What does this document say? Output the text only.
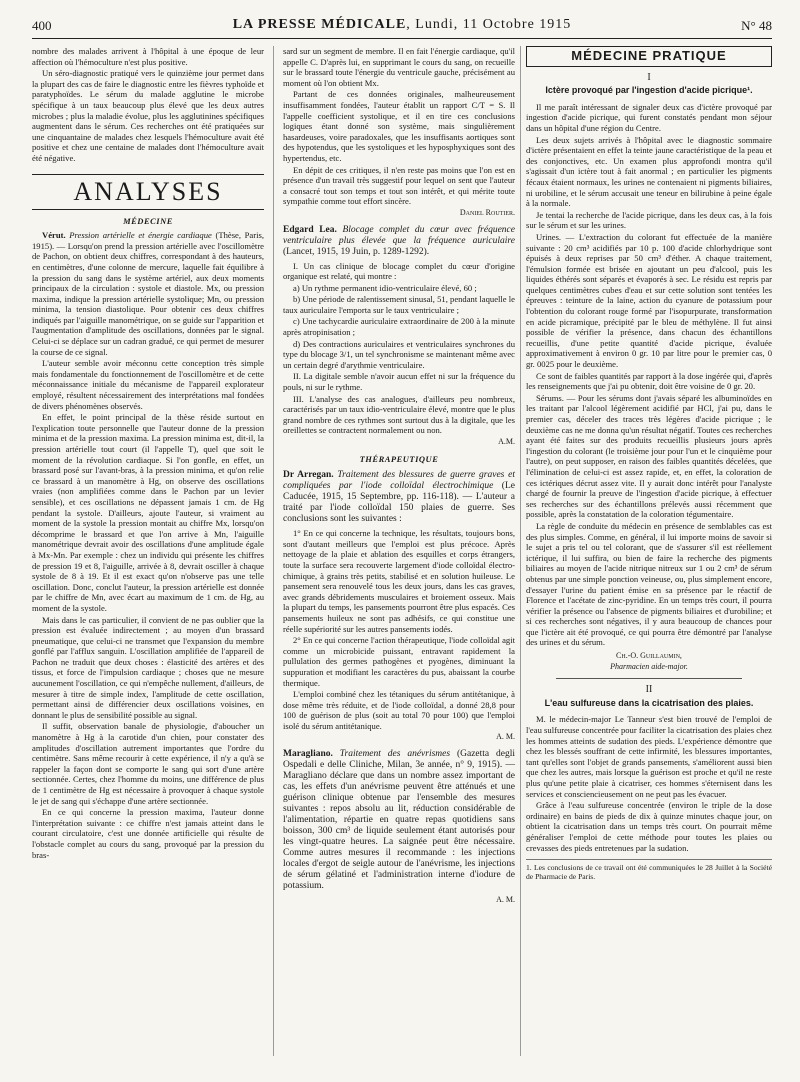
400	LA PRESSE MÉDICALE, Lundi, 11 Octobre 1915	N° 48

nombre des malades arrivent à l'hôpital à une époque de leur affection où l'hémoculture n'est plus positive.

Un séro-diagnostic pratiqué vers le quinzième jour permet dans la plupart des cas de faire le diagnostic entre les fièvres typhoïde et paratyphoïdes. Le sérum du malade agglutine le microbe spécifique à un taux beaucoup plus élevé que les deux autres microbes ; plus la maladie évolue, plus les agglutinines spécifiques augmentent dans le sérum. Ces recherches ont été pratiquées sur une cinquantaine de malades chez lesquels l'hémoculture avait été positive et chez une centaine de malades dont l'hémoculture avait été négative.

ANALYSES
MÉDECINE

Vérut. Pression artérielle et énergie cardiaque (Thèse, Paris, 1915). — Lorsqu'on prend la pression artérielle avec l'oscillomètre de Pachon, on obtient deux chiffres, correspondant à des hauteurs, en centimètres, d'une colonne de mercure, laquelle fait équilibre à la pression du sang dans le système artériel, aux deux moments principaux de la circulation : systole et diastole. Mx, ou pression maxima, indique la pression artérielle systolique; Mn, ou pression minima, la tension diastolique. Pour obtenir ces deux chiffres indiqués par l'aiguille manométrique, on se guide sur l'apparition et l'augmentation d'amplitude des oscillations, données par le signal. Celui-ci se déplace sur un cadran gradué, ce qui permet de mesurer la course de ce signal.

L'auteur semble avoir méconnu cette conception très simple mais fondamentale du fonctionnement de l'oscillomètre et de cette méconnaissance initiale du mécanisme de l'appareil explorateur employé, résultent nécessairement des interprétations mal fondées de divers phénomènes observés.

En effet, le point principal de la thèse réside surtout en l'explication toute personnelle que l'auteur donne de la pression minima et de la pression maxima. La pression minima est, dit-il, la pression artérielle tout court (il l'appelle T), quel que soit le moment de la révolution cardiaque. Si l'on gonfle, en effet, un brassard posé sur l'avant-bras, à la pression minima, et qu'on relie ce brassard à un manomètre à Hg, on observe des oscillations vraies (non amplifiées comme dans le Pachon par un levier sensible), et ces oscillations ne dépassent jamais 1 cm. de Hg pendant la systole. D'ailleurs, ajoute l'auteur, si vraiment au moment de la systole la pression montait au chiffre Mx, lorsqu'on décomprime le brassard et que l'on arrive à Mn, l'aiguille manométrique devrait avoir des oscillations d'une amplitude égale à Mx-Mn. Par exemple : chez un individu qui présente les chiffres de pression 19 et 8, l'aiguille, arrivée à 8, devrait osciller à chaque systole de 8 à 19. Et il est exact qu'on n'observe pas une telle oscillation. Donc, conclut l'auteur, la pression artérielle est donnée par le chiffre de Mn, avec écart au maximum de 1 cm. de Hg, au moment de la systole.

Mais dans le cas particulier, il convient de ne pas oublier que la pression est évaluée indirectement ; au moyen d'un brassard pneumatique, que celui-ci ne transmet que l'expansion du membre gonflé par l'afflux sanguin. L'oscillation amplifiée de l'appareil de Pachon ne traduit que deux choses : élasticité des artères et des tissus, et force de l'impulsion cardiaque ; choses que ne mesure aucunement l'oscillation, ce qui n'empêche nullement, d'ailleurs, de mesurer à titre de simple index, l'amplitude de cette oscillation, permettant ainsi de différencier deux oscillations voisines, en donnant le plus de sensibilité possible au signal.

Il suffit, observation banale de physiologie, d'aboucher un manomètre à Hg à la carotide d'un chien, pour constater des amplitudes d'oscillation autrement importantes que l'ordre du centimètre. Sans même recourir à cette expérience, il n'y a qu'à se rappeler la façon dont se comporte le sang qui sort d'une artère sectionnée. Certes, chez l'homme du moins, une différence de plus de 1 centimètre de Hg est nécessaire à provoquer à chaque systole le jet de sang qui s'échappe d'une artère sectionnée.

En ce qui concerne la pression maxima, l'auteur donne l'interprétation suivante : ce chiffre n'est jamais atteint dans le courant circulatoire, c'est une donnée artificielle qui résulte de l'obstacle complet au cours du sang, provoqué par la pression du bras-

sard sur un segment de membre. Il en fait l'énergie cardiaque, qu'il appelle C. D'après lui, en supprimant le cours du sang, on recueille sur le brassard toute l'énergie du ventricule gauche, précisément au moment où l'on obtient Mx.

Partant de ces données originales, malheureusement insuffisamment fondées, l'auteur établit un rapport C/T = S. Il l'appelle coefficient systolique, et il en tire ces conclusions logiques étant donné son système, mais singulièrement hasardeuses, voire paradoxales, que les insuffisants aortiques sont des hypotendus, que les systoliques et les hyposphyxiques sont des hypertendus, etc.

En dépit de ces critiques, il n'en reste pas moins que l'on est en présence d'un travail très suggestif pour lequel on sent que l'auteur a consacré tout son temps et tout son intérêt, et qui mérite toute sympathie comme tout effort sincère.

Daniel Routier.

Edgard Lea. Blocage complet du cœur avec fréquence ventriculaire plus élevée que la fréquence auriculaire (Lancet, 1915, 19 Juin, p. 1289-1292).

I. Un cas clinique de blocage complet du cœur d'origine organique est relaté, qui montre :

a) Un rythme permanent idio-ventriculaire élevé, 60 ;

b) Une période de ralentissement sinusal, 51, pendant laquelle le taux auriculaire l'emporta sur le taux ventriculaire ;

c) Une tachycardie auriculaire extraordinaire de 200 à la minute après atropinisation ;

d) Des contractions auriculaires et ventriculaires synchrones du type du blocage 3/1, un tel synchronisme se maintenant même avec un certain degré d'arythmie ventriculaire.

II. La digitale semble n'avoir aucun effet ni sur la fréquence du pouls, ni sur le rythme.

III. L'analyse des cas analogues, d'ailleurs peu nombreux, caractérisés par un taux idio-ventriculaire élevé, montre que le plus grand nombre de ces rythmes sont surtout dus à la digitale, que les oreillettes se contractent normalement ou non.

A.M.
THÉRAPEUTIQUE

Dr Arregan. Traitement des blessures de guerre graves et compliquées par l'iode colloïdal électrochimique (Le Caducée, 1915, 15 Septembre, pp. 116-118). — L'auteur a traité par l'iode colloïdal 150 plaies de guerre. Ses conclusions sont les suivantes :

1° En ce qui concerne la technique, les résultats, toujours bons, sont d'autant meilleurs que l'emploi est plus précoce. Après nettoyage de la plaie et ablation des esquilles et corps étrangers, toute la surface sera recouverte largement d'iode colloïdal électro-chimique, à grains très petits, stabilisé et en solution huileuse. Le pansement sera renouvelé tous les deux jours, dans les cas graves, avec grands débridements musculaires et broiement osseux. Mais la plupart du temps, les pansements pourront être plus espacés. Ces pansements huileux ne sont pas adhésifs, ce qui constitue une réelle supériorité sur les autres pansements iodés.

2° En ce qui concerne l'action thérapeutique, l'iode colloïdal agit comme un microbicide puissant, entravant rapidement la pullulation des germes pathogènes et pyogènes, diminuant la suppuration et modifiant les caractères du pus, abaissant la courbe thermique.

L'emploi combiné chez les tétaniques du sérum antitétanique, à dose même très réduite, et de l'iode colloïdal, a donné 28,8 pour 100 de guérison de plus (soit au total 70 pour 100) que l'emploi isolé du sérum antitétanique.

A. M.

Maragliano. Traitement des anévrismes (Gazetta degli Ospedali e delle Cliniche, Milan, 3e année, n° 9, 1915). — Maragliano déclare que dans un nombre assez important de cas, les effets d'un anévrisme peuvent être atténués et une guérison clinique obtenue par l'ensemble des mesures suivantes : repos absolu au lit, réduction considérable de l'alimentation, répartie en quatre repas quotidiens sans boisson, 300 cm³ de liquide seulement étant autorisés pour les vingt-quatre heures. La saignée peut être nécessaire. Comme autres mesures il recommande : les injections locales d'ergot de seigle autour de l'anévrisme, les injections de sérum gélatiné et l'administration interne d'iodure de potassium.

A. M.
MÉDECINE PRATIQUE
I
Ictère provoqué par l'ingestion d'acide picrique¹.

Il me paraît intéressant de signaler deux cas d'ictère provoqué par ingestion d'acide picrique, qui furent constatés pendant mon séjour dans un hôpital d'une région du Centre.

Les deux sujets arrivés à l'hôpital avec le diagnostic sommaire d'ictère présentaient en effet la teinte jaune caractéristique de la peau et des conjonctives, etc. Un examen plus approfondi montra qu'il s'agissait d'un ictère tout à fait anormal ; en particulier les pigments fécaux étaient normaux, les urines ne contenaient ni pigments biliaires, ni urobiline, et le sérum accusait une teneur en bilirubine à peine égale à la normale.

Je tentai la recherche de l'acide picrique, dans les deux cas, à la fois sur le sérum et sur les urines.

Urines. — L'extraction du colorant fut effectuée de la manière suivante : 20 cm³ acidifiés par 10 p. 100 d'acide chlorhydrique sont épuisés à deux reprises par 50 cm³ d'éther. A chaque traitement, l'émulsion formée est brisée en ajoutant un peu d'alcool, puis les liquides éthérés sont séparés et évaporés à sec. Le résidu est repris par quelques centimètres cubes d'eau et sur cette solution sont tentées les épreuves : teinture de la laine, action du cyanure de potassium pour l'obtention du colorant rouge formé par l'isopurpurate, transformation en acide picramique, précipité par le bleu de méthylène. Il fut ainsi possible de vérifier la présence, dans chacun des échantillons recueillis, d'une petite quantité d'acide picrique, évaluée approximativement à environ 0 gr. 10 par litre pour le premier cas, 0 gr. 0025 pour le deuxième.

Ce sont de faibles quantités par rapport à la dose ingérée qui, d'après les renseignements que j'ai pu obtenir, doit être voisine de 0 gr. 20.

Sérums. — Pour les sérums dont j'avais séparé les albuminoïdes en les traitant par l'alcool légèrement acidifié par HCl, j'ai pu, dans le premier cas, déceler des traces très légères d'acide picrique ; le deuxième cas ne me donna qu'un résultat négatif. Toutes ces recherches ayant été faites sur des produits recueillis plusieurs jours après l'ingestion du colorant (le troisième jour pour l'un et le cinquième pour l'autre), on peut supposer, en raison des faibles quantités décelées, que l'élimination de celui-ci est assez rapide, et, en effet, la coloration de ces ictériques décrut assez vite. Il y aurait donc intérêt pour l'analyste chargé de fournir la preuve de l'ingestion d'acide picrique, à effectuer ses recherches sur des échantillons prélevés aussi récemment que possible, après la constatation de la coloration tégumentaire.

La règle de conduite du médecin en présence de semblables cas est des plus simples. Comme, en général, il lui importe moins de savoir si le sujet a pris tel ou tel colorant, que de s'assurer s'il est réellement ictérique, il lui suffira, ou bien de faire la recherche des pigments biliaires au moyen de l'acide nitrique nitreux sur 1 ou 2 cm³ de sérum obtenus par une simple ponction veineuse, ou, plus simplement encore, d'essayer l'urine du patient émise en sa présence par le réactif de Florence et l'acétate de zinc-pyridine. En un temps très court, il pourra vérifier la présence ou l'absence de pigments biliaires et d'urobiline; et si ces recherches sont négatives, il y aura beaucoup de chances pour que l'ictère ait été provoqué, ce qui pourra être démontré par l'analyse des urines et du sérum.

Ch.-O. Guillaumin,
Pharmacien aide-major.
II
L'eau sulfureuse dans la cicatrisation des plaies.

M. le médecin-major Le Tanneur s'est bien trouvé de l'emploi de l'eau sulfureuse concentrée pour faciliter la cicatrisation des plaies chez les hommes atteints de sudation des pieds. L'expérience démontre que chez les blessés souffrant de cette infirmité, les blessures importantes, tant qu'elles sont l'objet de grands pansements, s'améliorent aussi bien que chez les autres, mais lorsque la guérison est proche et qu'il ne reste plus qu'une petite plaie à cicatriser, ces hommes s'éternisent dans les services et consciencieusement on ne peut pas les évacuer.

Grâce à l'eau sulfureuse concentrée (environ le triple de la dose ordinaire) en bains de pieds de dix à quinze minutes chaque jour, on obtient la cicatrisation dans un temps très court. On pourrait même généraliser l'emploi de cette méthode pour toutes les plaies ou crevasses des pieds entretenues par la sudation.

1. Les conclusions de ce travail ont été communiquées le 28 Juillet à la Société de Pharmacie de Paris.
